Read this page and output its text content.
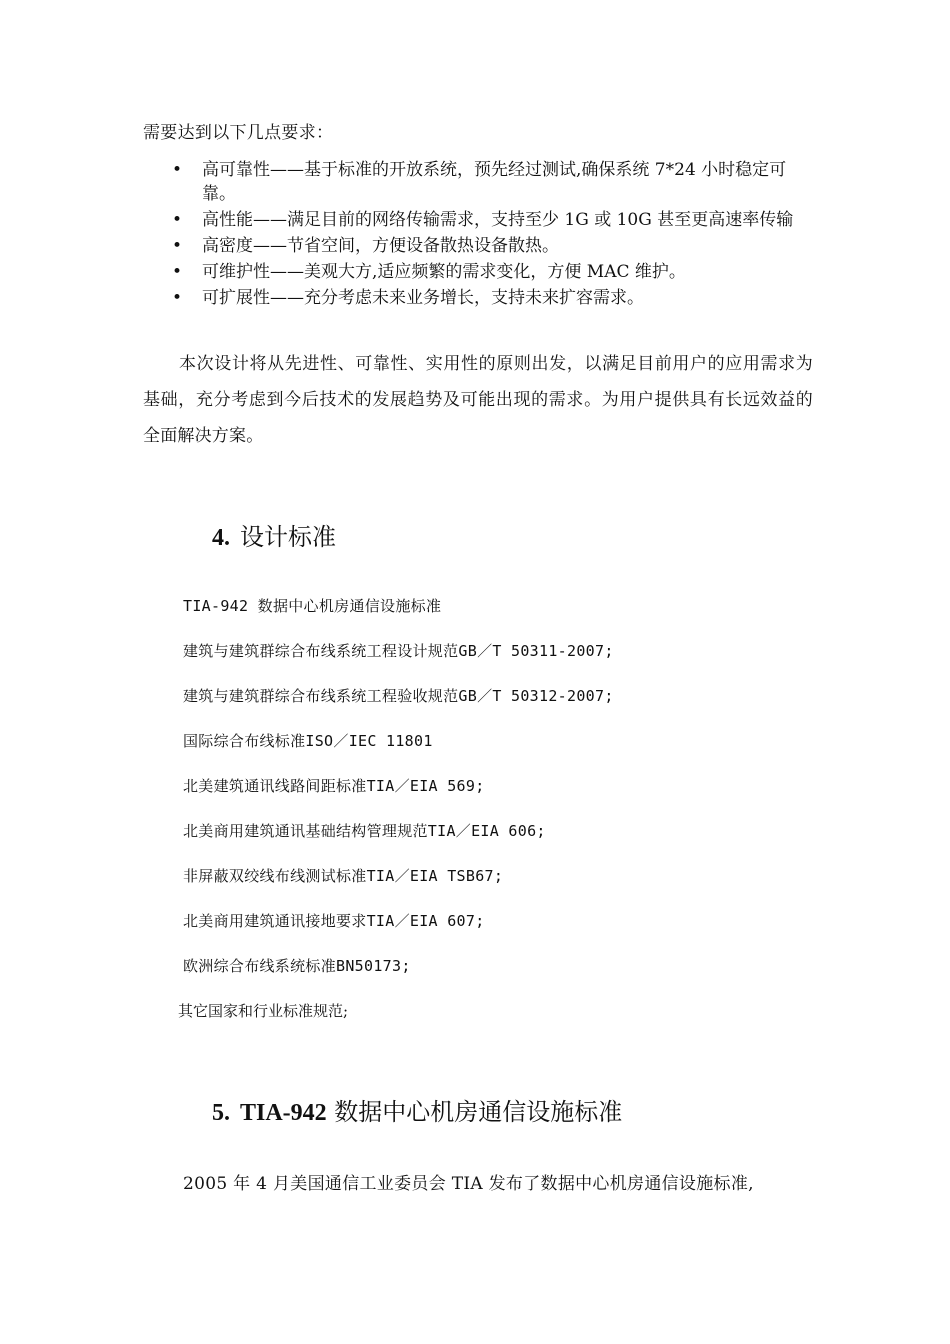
需要达到以下几点要求：
• 高可靠性——基于标准的开放系统，预先经过测试,确保系统 7*24 小时稳定可靠。
• 高性能——满足目前的网络传输需求，支持至少 1G 或 10G 甚至更高速率传输
• 高密度——节省空间，方便设备散热设备散热。
• 可维护性——美观大方,适应频繁的需求变化，方便 MAC 维护。
• 可扩展性——充分考虑未来业务增长，支持未来扩容需求。

本次设计将从先进性、可靠性、实用性的原则出发，以满足目前用户的应用需求为基础，充分考虑到今后技术的发展趋势及可能出现的需求。为用户提供具有长远效益的全面解决方案。

4. 设计标准
TIA-942 数据中心机房通信设施标准
建筑与建筑群综合布线系统工程设计规范GB／T 50311-2007;
建筑与建筑群综合布线系统工程验收规范GB／T 50312-2007;
国际综合布线标准ISO／IEC 11801
北美建筑通讯线路间距标准TIA／EIA 569;
北美商用建筑通讯基础结构管理规范TIA／EIA 606;
非屏蔽双绞线布线测试标准TIA／EIA TSB67;
北美商用建筑通讯接地要求TIA／EIA 607;
欧洲综合布线系统标准BN50173;
其它国家和行业标准规范;
5. TIA-942 数据中心机房通信设施标准
2005 年 4 月美国通信工业委员会 TIA 发布了数据中心机房通信设施标准,
